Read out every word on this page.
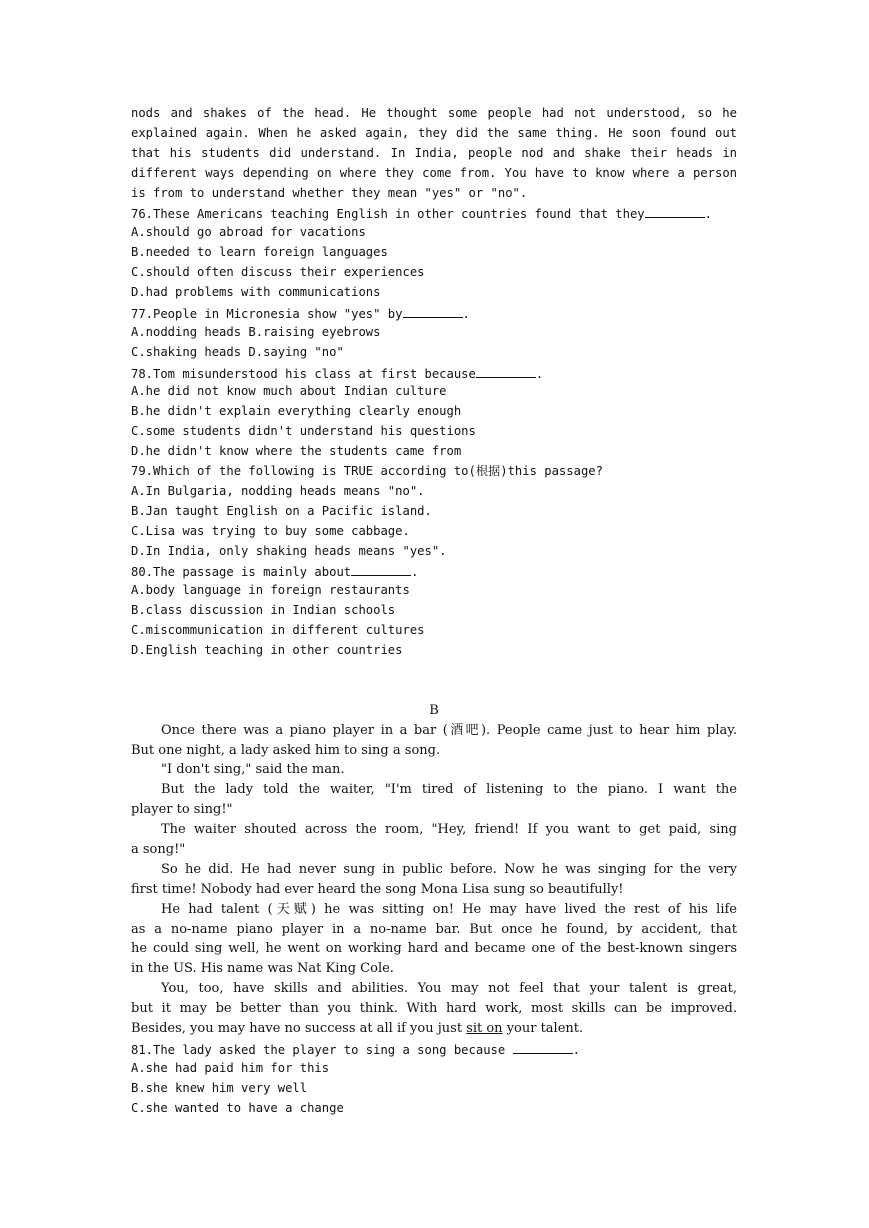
nods and shakes of the head. He thought some people had not understood, so he
explained again. When he asked again, they did the same thing. He soon found out
that his students did understand. In India, people nod and shake their heads in
different ways depending on where they come from. You have to know where a person
is from to understand whether they mean "yes" or "no".
76.These Americans teaching English in other countries found that they	.
A.should go abroad for vacations
B.needed to learn foreign languages
C.should often discuss their experiences
D.had problems with communications
77.People in Micronesia show "yes" by	.
A.nodding heads B.raising eyebrows
C.shaking heads D.saying "no"
78.Tom misunderstood his class at first because	.
A.he did not know much about Indian culture
B.he didn't explain everything clearly enough
C.some students didn't understand his questions
D.he didn't know where the students came from
79.Which of the following is TRUE according to(根据)this passage?
A.In Bulgaria, nodding heads means "no".
B.Jan taught English on a Pacific island.
C.Lisa was trying to buy some cabbage.
D.In India, only shaking heads means "yes".
80.The passage is mainly about	.
A.body language in foreign restaurants
B.class discussion in Indian schools
C.miscommunication in different cultures
D.English teaching in other countries
B
Once there was a piano player in a bar (酒吧). People came just to hear him play.
But one night, a lady asked him to sing a song.
"I don't sing," said the man.
But the lady told the waiter, "I'm tired of listening to the piano. I want the
player to sing!"
The waiter shouted across the room, "Hey, friend! If you want to get paid, sing
a song!"
So he did. He had never sung in public before. Now he was singing for the very
first time! Nobody had ever heard the song Mona Lisa sung so beautifully!
He had talent (天赋) he was sitting on! He may have lived the rest of his life
as a no-name piano player in a no-name bar. But once he found, by accident, that
he could sing well, he went on working hard and became one of the best-known singers
in the US. His name was Nat King Cole.
You, too, have skills and abilities. You may not feel that your talent is great,
but it may be better than you think. With hard work, most skills can be improved.
Besides, you may have no success at all if you just sit on your talent.
81.The lady asked the player to sing a song because	.
A.she had paid him for this
B.she knew him very well
C.she wanted to have a change
